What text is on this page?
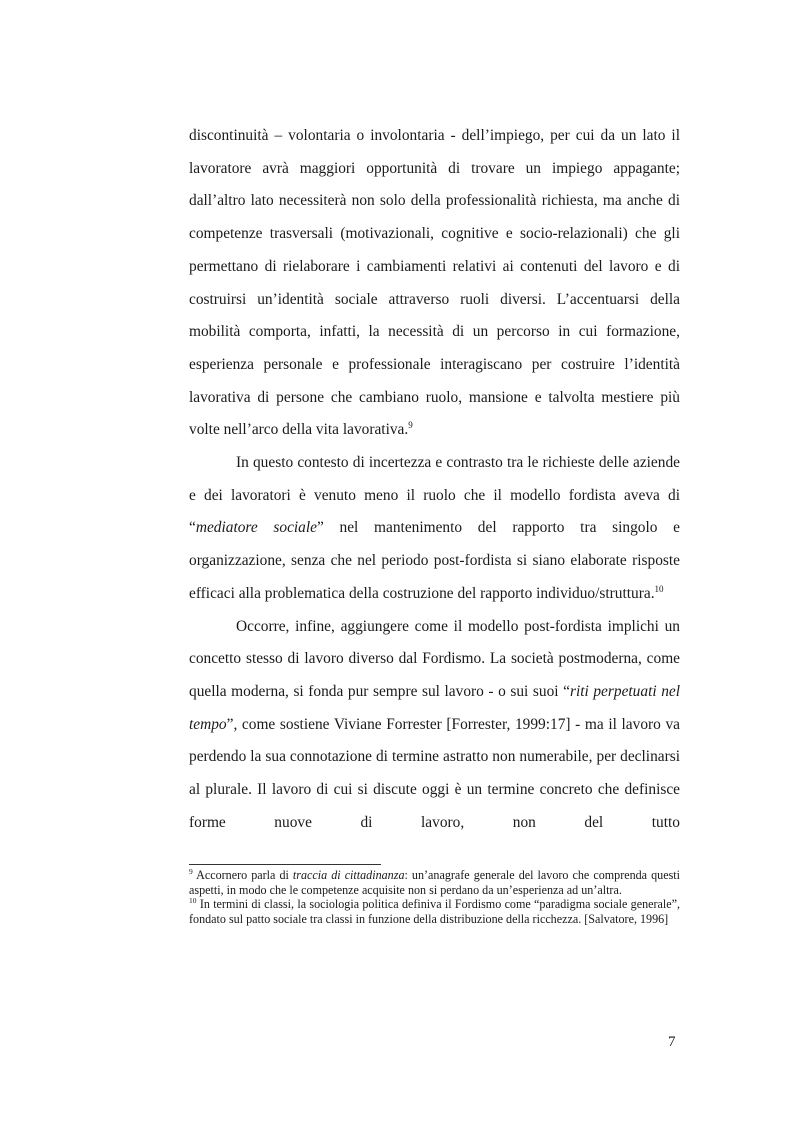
discontinuità – volontaria o involontaria - dell’impiego, per cui da un lato il lavoratore avrà maggiori opportunità di trovare un impiego appagante; dall’altro lato necessiterà non solo della professionalità richiesta, ma anche di competenze trasversali (motivazionali, cognitive e socio-relazionali) che gli permettano di rielaborare i cambiamenti relativi ai contenuti del lavoro e di costruirsi un’identità sociale attraverso ruoli diversi. L’accentuarsi della mobilità comporta, infatti, la necessità di un percorso in cui formazione, esperienza personale e professionale interagiscano per costruire l’identità lavorativa di persone che cambiano ruolo, mansione e talvolta mestiere più volte nell’arco della vita lavorativa.$^9$

In questo contesto di incertezza e contrasto tra le richieste delle aziende e dei lavoratori è venuto meno il ruolo che il modello fordista aveva di “mediatore sociale” nel mantenimento del rapporto tra singolo e organizzazione, senza che nel periodo post-fordista si siano elaborate risposte efficaci alla problematica della costruzione del rapporto individuo/struttura.$^{10}$

Occorre, infine, aggiungere come il modello post-fordista implichi un concetto stesso di lavoro diverso dal Fordismo. La società postmoderna, come quella moderna, si fonda pur sempre sul lavoro - o sui suoi “riti perpetuati nel tempo”, come sostiene Viviane Forrester [Forrester, 1999:17] - ma il lavoro va perdendo la sua connotazione di termine astratto non numerabile, per declinarsi al plurale. Il lavoro di cui si discute oggi è un termine concreto che definisce forme nuove di lavoro, non del tutto

$^9$ Accornero parla di traccia di cittadinanza: un’anagrafe generale del lavoro che comprenda questi aspetti, in modo che le competenze acquisite non si perdano da un’esperienza ad un’altra.

$^{10}$ In termini di classi, la sociologia politica definiva il Fordismo come “paradigma sociale generale”, fondato sul patto sociale tra classi in funzione della distribuzione della ricchezza. [Salvatore, 1996]

7
